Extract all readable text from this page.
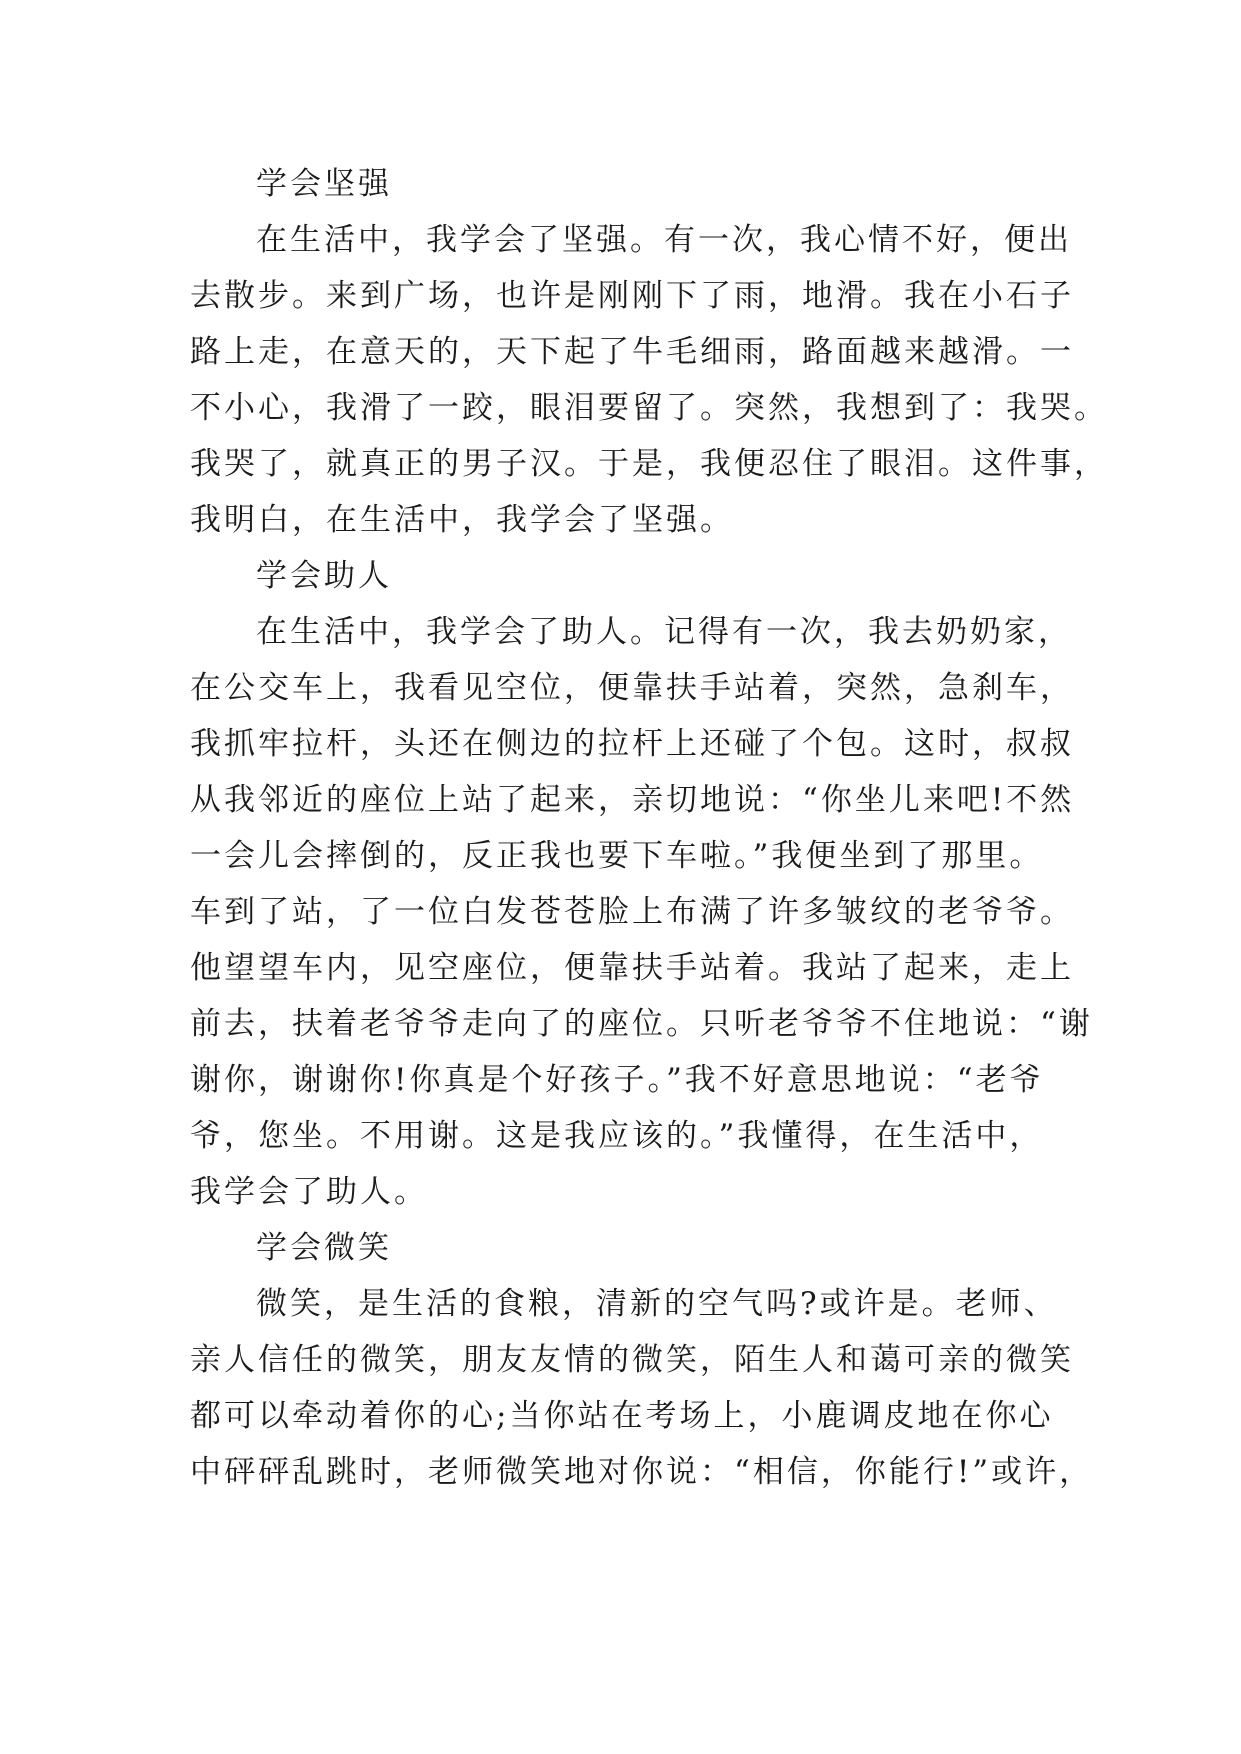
学会坚强
在生活中，我学会了坚强。有一次，我心情不好，便出
去散步。来到广场，也许是刚刚下了雨，地滑。我在小石子
路上走，在意天的，天下起了牛毛细雨，路面越来越滑。一
不小心，我滑了一跤，眼泪要留了。突然，我想到了：我哭。
我哭了，就真正的男子汉。于是，我便忍住了眼泪。这件事，
我明白，在生活中，我学会了坚强。
学会助人
在生活中，我学会了助人。记得有一次，我去奶奶家，
在公交车上，我看见空位，便靠扶手站着，突然，急刹车，
我抓牢拉杆，头还在侧边的拉杆上还碰了个包。这时，叔叔
从我邻近的座位上站了起来，亲切地说：“你坐儿来吧!不然
一会儿会摔倒的，反正我也要下车啦。”我便坐到了那里。
车到了站，了一位白发苍苍脸上布满了许多皱纹的老爷爷。
他望望车内，见空座位，便靠扶手站着。我站了起来，走上
前去，扶着老爷爷走向了的座位。只听老爷爷不住地说：“谢
谢你，谢谢你!你真是个好孩子。”我不好意思地说：“老爷
爷，您坐。不用谢。这是我应该的。”我懂得，在生活中，
我学会了助人。
学会微笑
微笑，是生活的食粮，清新的空气吗?或许是。老师、
亲人信任的微笑，朋友友情的微笑，陌生人和蔼可亲的微笑
都可以牵动着你的心;当你站在考场上，小鹿调皮地在你心
中砰砰乱跳时，老师微笑地对你说：“相信，你能行!”或许，
